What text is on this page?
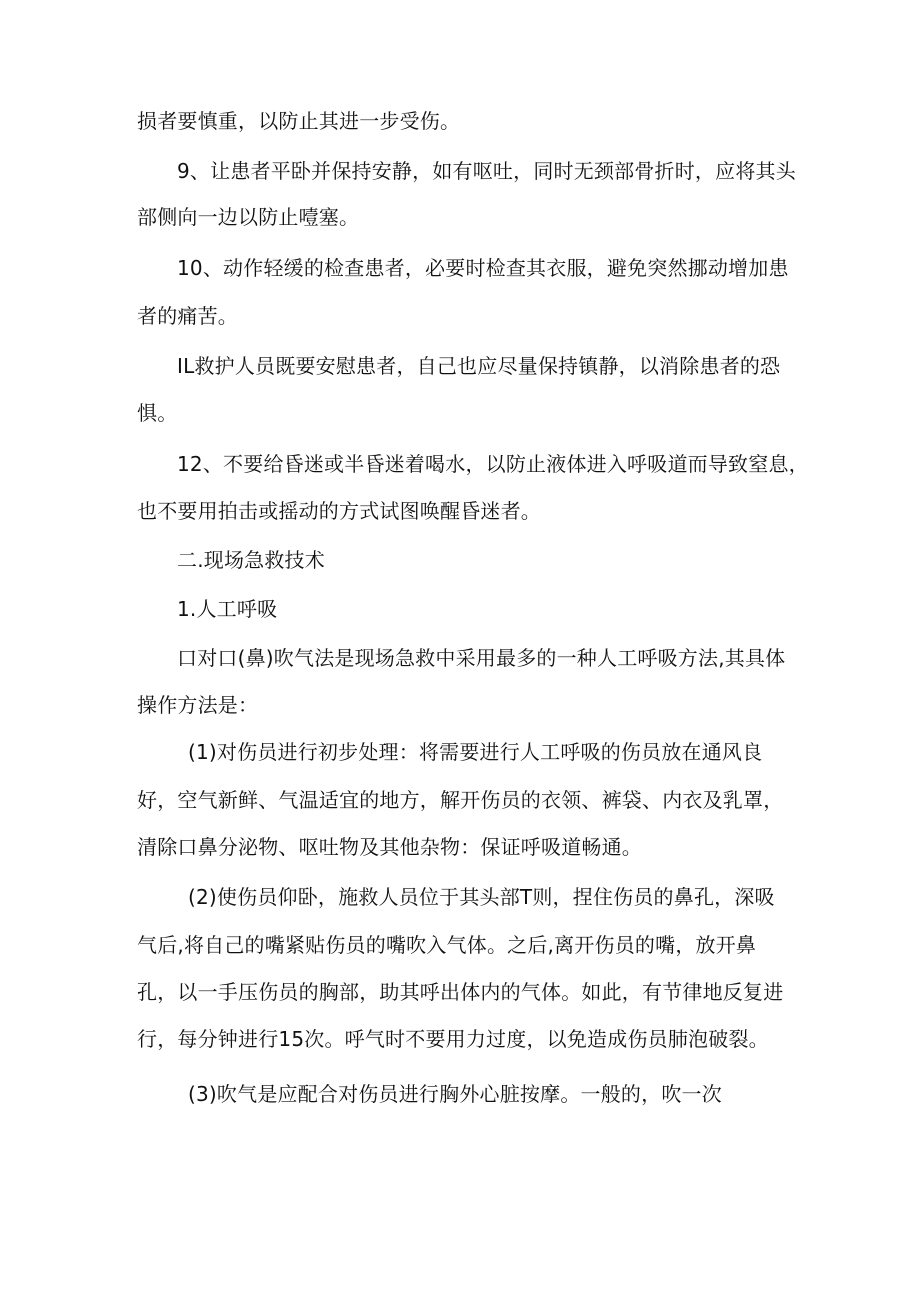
损者要慎重，以防止其进一步受伤。
9、让患者平卧并保持安静，如有呕吐，同时无颈部骨折时，应将其头
部侧向一边以防止噎塞。
10、动作轻缓的检查患者，必要时检查其衣服，避免突然挪动增加患
者的痛苦。
IL救护人员既要安慰患者，自己也应尽量保持镇静，以消除患者的恐
惧。
12、不要给昏迷或半昏迷着喝水，以防止液体进入呼吸道而导致窒息，
也不要用拍击或摇动的方式试图唤醒昏迷者。
二.现场急救技术
1.人工呼吸
口对口(鼻)吹气法是现场急救中采用最多的一种人工呼吸方法,其具体
操作方法是：
(1)对伤员进行初步处理：将需要进行人工呼吸的伤员放在通风良
好，空气新鲜、气温适宜的地方，解开伤员的衣领、裤袋、内衣及乳罩，
清除口鼻分泌物、呕吐物及其他杂物：保证呼吸道畅通。
(2)使伤员仰卧，施救人员位于其头部T则，捏住伤员的鼻孔，深吸
气后,将自己的嘴紧贴伤员的嘴吹入气体。之后,离开伤员的嘴，放开鼻
孔，以一手压伤员的胸部，助其呼出体内的气体。如此，有节律地反复进
行，每分钟进行15次。呼气时不要用力过度，以免造成伤员肺泡破裂。
(3)吹气是应配合对伤员进行胸外心脏按摩。一般的，吹一次
